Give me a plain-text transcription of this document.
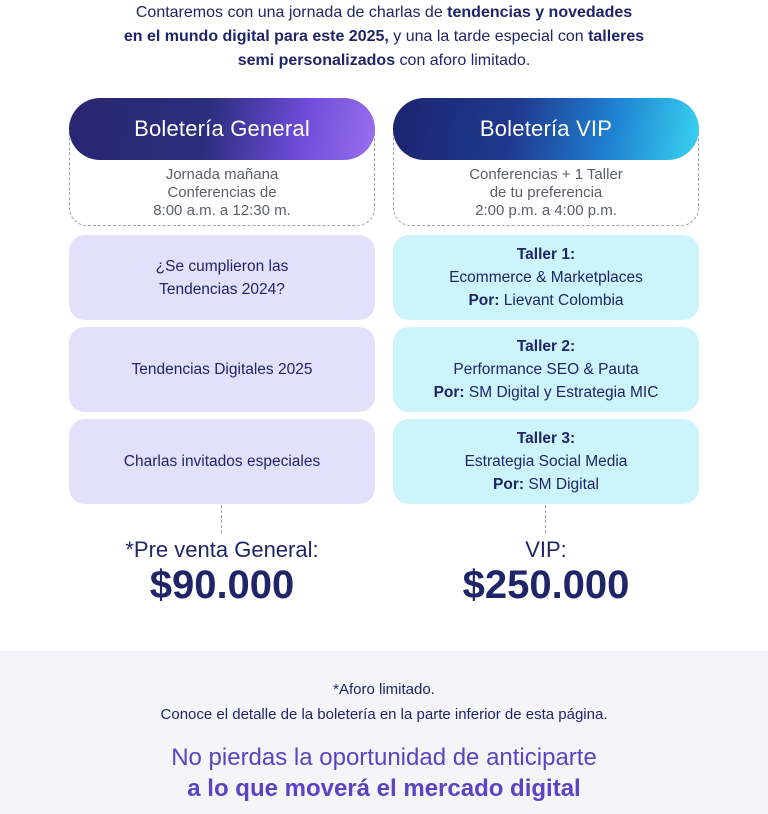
Contaremos con una jornada de charlas de tendencias y novedades

en el mundo digital para este 2025, y una la tarde especial con talleres

semi personalizados con aforo limitado.

Boletería General
Jornada mañana
Conferencias de
8:00 a.m. a 12:30 m.
Boletería VIP
Conferencias + 1 Taller
de tu preferencia
2:00 p.m. a 4:00 p.m.
¿Se cumplieron las
Tendencias 2024?
Tendencias Digitales 2025
Charlas invitados especiales
Taller 1:
Ecommerce & Marketplaces
Por: Lievant Colombia
Taller 2:
Performance SEO & Pauta
Por: SM Digital y Estrategia MIC
Taller 3:
Estrategia Social Media
Por: SM Digital
*Pre venta General:
$90.000
VIP:
$250.000
*Aforo limitado.
Conoce el detalle de la boletería en la parte inferior de esta página.
No pierdas la oportunidad de anticiparte
a lo que moverá el mercado digital
